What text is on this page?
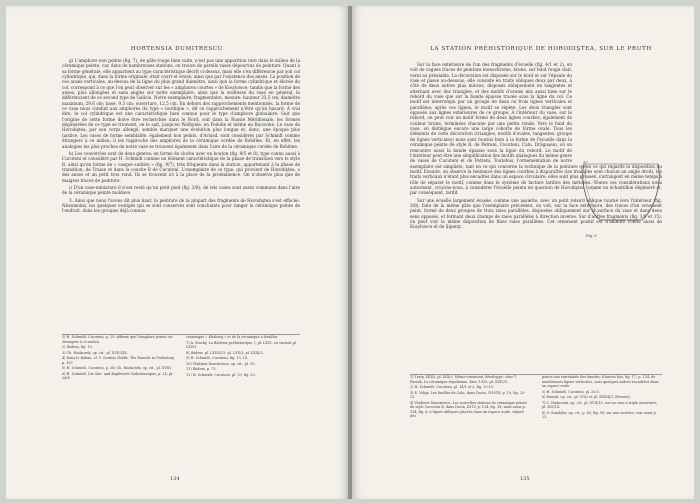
HORTENSIA DUMITRESCU

g) L'amphore non peinte (fig. 7), de pâte rouge bien cuite, n'est pas une apparition rare dans le milieu de la céramique peinte, car, dans de nombreuses stations, on trouve de pareils vases dépourvus de peinture. Quant à sa forme générale, elle appartient au type caractéristique décrit ci-dessus, mais elle s'en différencie par son col cylindrique, qui, dans la forme originale, était court et évasé, ainsi que par l'existence des anses. La position de ces anses verticales, au-dessus de la ligne du plus grand diamètre, ainsi que la forme cylindrique et élevée du col, correspond à ce que l'on peut observer sur les « amphores courtes » de Kosylowce; tandis que la forme des anses, plus allongées et sans angles sur notre exemplaire, ainsi que la sveltesse du vase en général, le différencient de ce second type de Galicie. Notre exemplaire, fragmentaire, mesure: hauteur 33,5 cm; diamètre maximum, 29,6 cm; base, 9,3 cm; ouverture, 12,5 cm. En dehors des rapprochements mentionnés, la forme de ce vase nous conduit aux amphores du type « nordique », dit ce rapprochement n'être qu'un hasard. À vrai dire, le col cylindrique est une caractéristique bien connue pour le type d'amphore globulaire. Suit que l'origine de cette forme doive être recherchée dans le Nord, soit dans la Russie Méridionale, les formes dégénérées de ce type se trouvent, on le sait, jusqu'en Wolhynie, en Podolie et même en Bucovine. Le vase de Horodiştea, par son corps allongé, semble marquer une évolution plus longue et, donc, une époque plus tardive. Les vases de forme semblable, également non peints, d'Ariusd, sont considérés par Schmidt comme étrangers à ce milieu; il les rapproche des amphores de la céramique cordée de Bohême. Et, en effet, les analogies les plus proches de notre vase se trouvent également dans l'aire de la céramique cordée de Bohême.

h) Les couvercles sont de deux genres: en forme de cloche avec un bouton (fig. 9/5 et 8), type connu aussi à Cucuteni et considéré par H. Schmidt comme un élément caractéristique de la phase de transition vers le style B, ainsi qu'en forme de « casque sudiste » (fig. 9/7), très fréquente dans la station, appartenant à la phase de transition, de Traian et dans la couche B de Cucuteni. L'exemplaire de ce type, qui provient de Horodiştea, a des anses et un petit trou rond. Ils se trouvent ici à la place de la proéminence. On n'observe plus que de maigres traces de peinture.

i) D'un vase-miniature il n'est resté qu'un petit pied (fig. 3/8); de tels vases sont assez communs dans l'aire de la céramique peinte moldave.

3. Ainsi que nous l'avons dit plus haut, la peinture de la plupart des fragments de Horodiştea s'est effacée. Néanmoins, les quelques vestiges qui se sont conservés sont concluants pour ranger la céramique peinte de l'endroit, dans les groupes déjà connus.

1) H. Schmidt, Cucuteni, p. 29, affirme que l'amphore peinte est étrangère à ce milieu.
2) Ibidem, fig. 19.
3) Ch. Hadaczek, op. cit., pl. XVII-XIX.
4) Dans le Kuban, cf. V. Gordon Childe, The Danube in Prehistory, p. 187.
5) H. Schmidt, Cucuteni, p. 38; Ch. Hadaczek, op. cit., pl. XVIII.
6) H. Schmidt, Die Säu- und Kupferzeit Südosteuropas, p. 24, pl. 24/8.
céramique « Kitzberg » et de la céramique à lentilles.
7) A. Stocký, La Bohème préhistorique, I, pl. LXVI, en surtout pl. LXVII.
8) Ibidem, pl. LXVII/13, pl. LXX/3; pl. LXXI/3.
9) H. Schmidt, Cucuteni, fig. 13, 14.
10) Vladimir Dumitrescu, op. cit., pl. 10.
11) Ibidem, p. 75.
12) H. Schmidt, Cucuteni, pl. 20, fig. 20.
134
LA STATION PRÉHISTORIQUE DE HORODIŞTEA, SUR LE PRUTH

Sur la face extérieure de l'un des fragments d'écuelle (fig. 4/1 et 2), on voit de vagues traces de peinture monochrome, brune, sur fond rouge clair, verni au préalable. La décoration est disposée sur le bord et sur l'épaule du vase et passe au-dessous; elle consiste en traits obliques deux par deux, à côté de deux autres plus minces, disposés obliquement en tangentes et alternant avec des triangles, et des motifs d'ovales mis aussi bien sur le rebord du vase que sur la bande épaisse tracée sous la ligne du col. Ce motif est interrompu par un groupe de deux ou trois lignes verticales et parallèles; après ces lignes, le motif se répète. Les deux triangles sont opposés aux lignes extérieures de ce groupe. À l'intérieur du vase, sur le rebord, on peut voir un motif formé de deux lignes courbes, également de couleur brune, terminées chacune par une petite ronde. Vers le fond du vase, on distingue encore une large cohorte de forme ovale. Tous les éléments de cette décoration (triangles, motifs d'ovales, tangentes, groupe de lignes verticales) nous sont fournis bien à la forme de l'écuelle dans la céramique peinte de style B, de Petreni, Cucuteni, Calu, Drăguşeni, où on rencontre aussi la bande épaisse sous la ligne du rebord. Le motif de l'intérieur peut être une simplification des motifs analogues du même genre de vases de Cucuteni et de Petreni. Toutefois, l'ornementation de notre exemplaire est simpliste, tant en ce qui concerne la technique de la peinture qu'en ce qui regarde la disposition du motif. Ensuite, on observe la tendance des lignes courbes à disparaître (les triangles sont chacun un angle droit), les traits verticaux n'étant plus encadrés dans un espace circulaire; elles sont plus grosses, s'arrangent en même temps à rôle de séparer le motif, comme dans le système de facture tardive des métopes. Toutes ces considérations nous autorisent, croyons-nous, à considérer l'écuelle peinte en question de Horodiştea comme un échantillon dégénéré et, par conséquent, tardif.

Sur une écuelle largement évasée, comme une assiette, avec un petit rebord oblique tourné vers l'intérieur (fig. 3/8), faite de la même pâte que l'exemplaire précédent, on voit, sur la face extérieure, des traces d'un ornement peint, formé de deux groupes de trois raies parallèles, disposées obliquement sur la surface du vase et dans deux sens opposés, et formant deux champs de raies parallèles à direction inverse. Sur d'autres fragments (fig. 3/9 et 15), on peut voir la même disposition de fines raies parallèles. Cet ornement positif est d'ailleurs connu aussi de Kosylowce et de Şipenţi.

Fig. 8
1) Traty, XIII/5, pl. XIII/3. Même ornement, développé, chez T. Passek, La céramique tripolienne, Kiev, 1935, pl. XXIV/5.
2) H. Schmidt, Cucuteni, pl. 14/1 et 2, fig. 13-15.
3) E. Volga, Les fouilles de Calu, dans Dacia, VII-VIII, p. 19, fig. 23-25.
4) Vladimir Dumitrescu, Les nouvelles stations de céramique peinte du style Cucuteni B, dans Dacia, III-IV, p. 134, fig. 18; mais aussi p. 134, fig. 8, à lignes obliques placées dans un espace ovale, séparé des
points aux extrémités des bandes; d'autres fois, fig. 17, p. 134, de nombreuses lignes verticales, sous quelques autres encadrées dans un espace ovale.
5) H. Schmidt, Cucuteni, pl. 20/3.
6) Passek, op. cit., pl. VII/2 et pl. XXXIII/2 (Petreni).
7) C. Hadaczek, op. cit., pl. XVII/10, sur un vase à triple ouverture; pl. XVI/14.
8) O. Kandyba, op. cit., p. 65, fig. 59, sur une assiette; voir aussi p. 23.
135
